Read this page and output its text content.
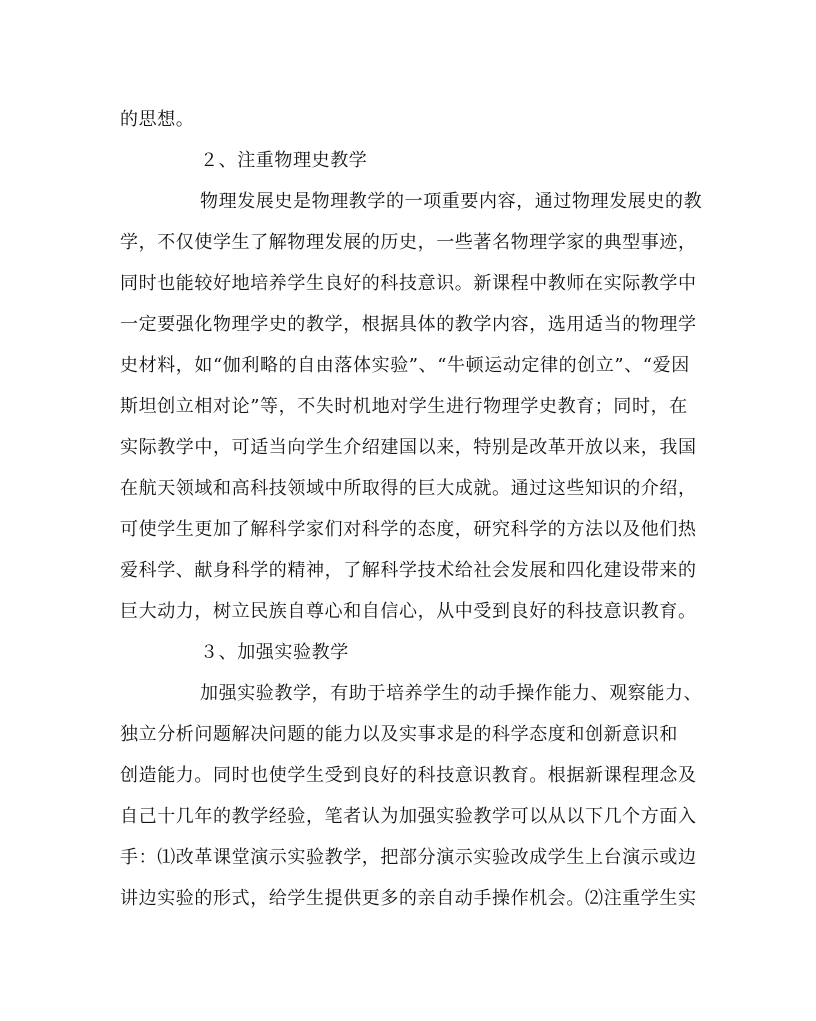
的思想。
２、注重物理史教学
物理发展史是物理教学的一项重要内容，通过物理发展史的教
学，不仅使学生了解物理发展的历史，一些著名物理学家的典型事迹，
同时也能较好地培养学生良好的科技意识。新课程中教师在实际教学中
一定要强化物理学史的教学，根据具体的教学内容，选用适当的物理学
史材料，如“伽利略的自由落体实验”、“牛顿运动定律的创立”、“爱因
斯坦创立相对论”等，不失时机地对学生进行物理学史教育；同时，在
实际教学中，可适当向学生介绍建国以来，特别是改革开放以来，我国
在航天领域和高科技领域中所取得的巨大成就。通过这些知识的介绍，
可使学生更加了解科学家们对科学的态度，研究科学的方法以及他们热
爱科学、献身科学的精神，了解科学技术给社会发展和四化建设带来的
巨大动力，树立民族自尊心和自信心，从中受到良好的科技意识教育。
３、加强实验教学
加强实验教学，有助于培养学生的动手操作能力、观察能力、
独立分析问题解决问题的能力以及实事求是的科学态度和创新意识和
创造能力。同时也使学生受到良好的科技意识教育。根据新课程理念及
自己十几年的教学经验，笔者认为加强实验教学可以从以下几个方面入
手：⑴改革课堂演示实验教学，把部分演示实验改成学生上台演示或边
讲边实验的形式，给学生提供更多的亲自动手操作机会。⑵注重学生实
